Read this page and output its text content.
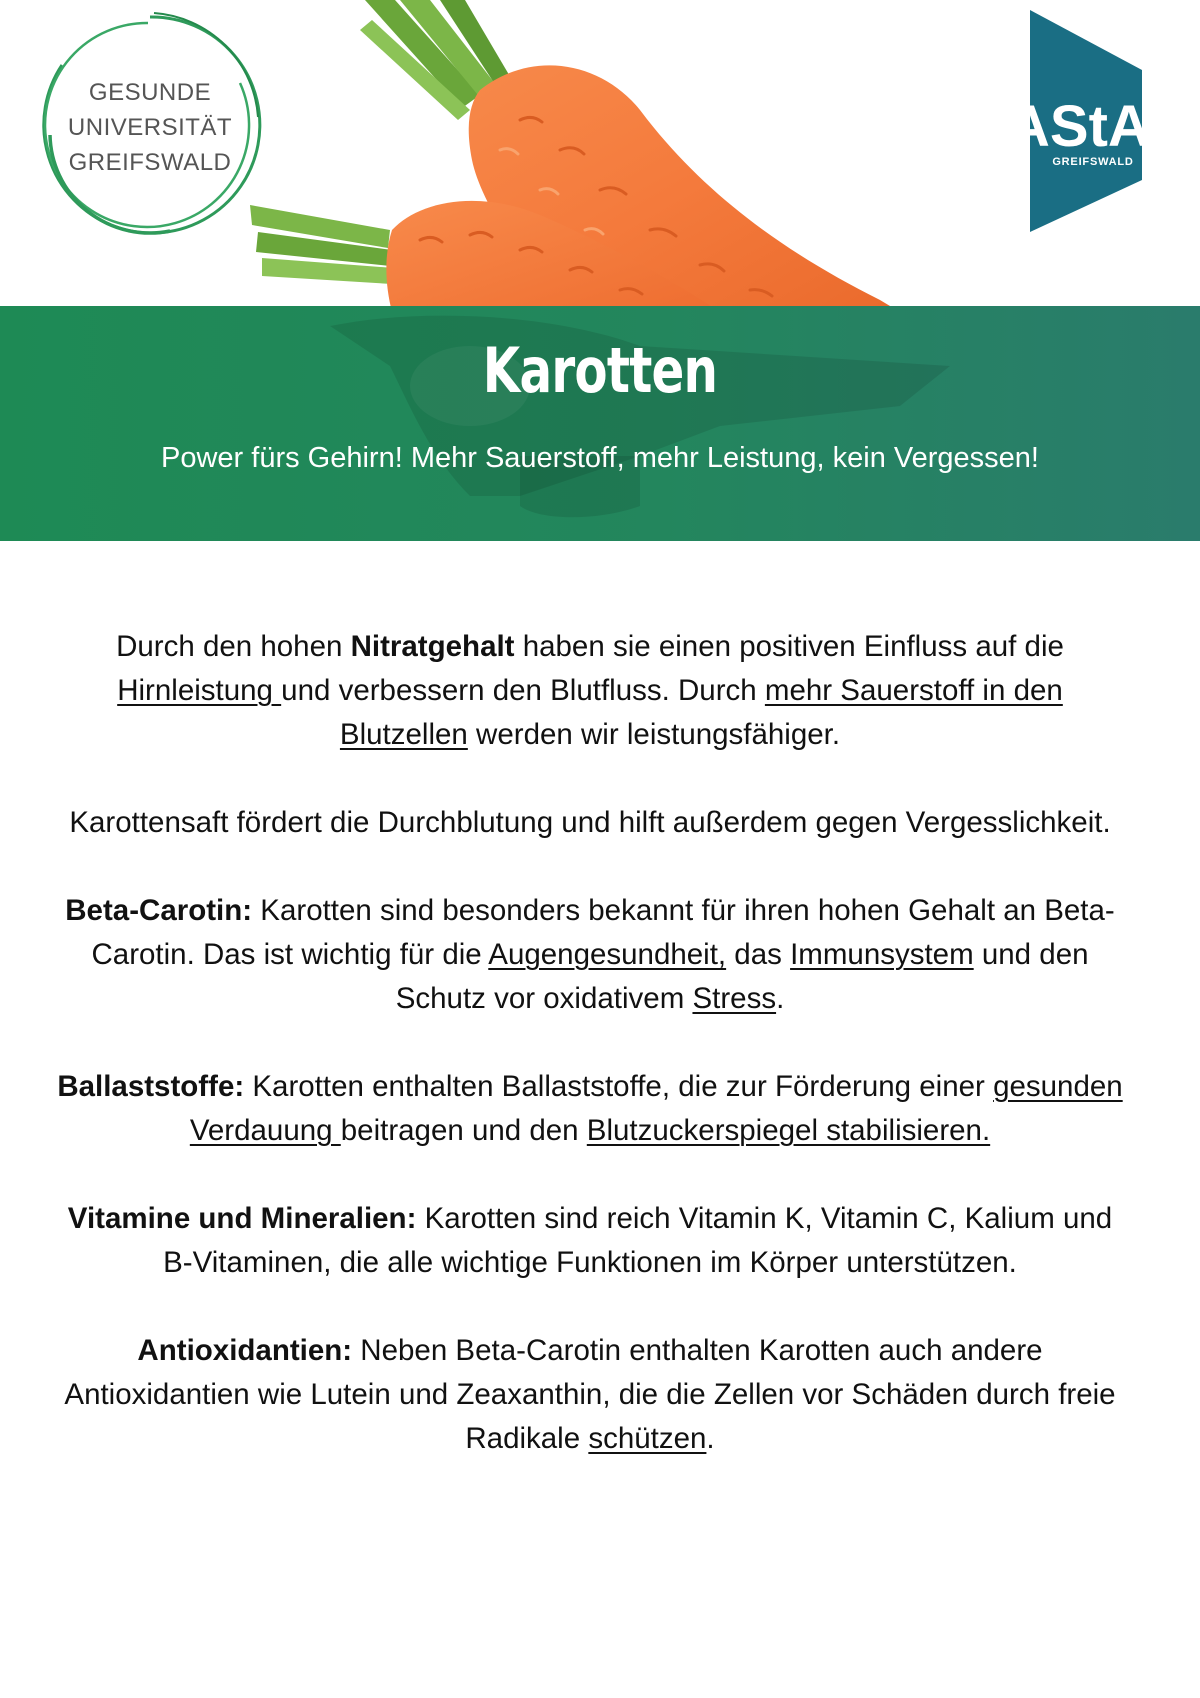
GESUNDE
UNIVERSITÄT
GREIFSWALD
AStA
GREIFSWALD
Karotten
Power fürs Gehirn! Mehr Sauerstoff, mehr Leistung, kein Vergessen!

Durch den hohen Nitratgehalt haben sie einen positiven Einfluss auf die Hirnleistung und verbessern den Blutfluss. Durch mehr Sauerstoff in den Blutzellen werden wir leistungsfähiger.

Karottensaft fördert die Durchblutung und hilft außerdem gegen Vergesslichkeit.

Beta-Carotin: Karotten sind besonders bekannt für ihren hohen Gehalt an Beta-Carotin. Das ist wichtig für die Augengesundheit, das Immunsystem und den Schutz vor oxidativem Stress.

Ballaststoffe: Karotten enthalten Ballaststoffe, die zur Förderung einer gesunden Verdauung beitragen und den Blutzuckerspiegel stabilisieren.

Vitamine und Mineralien: Karotten sind reich Vitamin K, Vitamin C, Kalium und B-Vitaminen, die alle wichtige Funktionen im Körper unterstützen.

Antioxidantien: Neben Beta-Carotin enthalten Karotten auch andere Antioxidantien wie Lutein und Zeaxanthin, die die Zellen vor Schäden durch freie Radikale schützen.
